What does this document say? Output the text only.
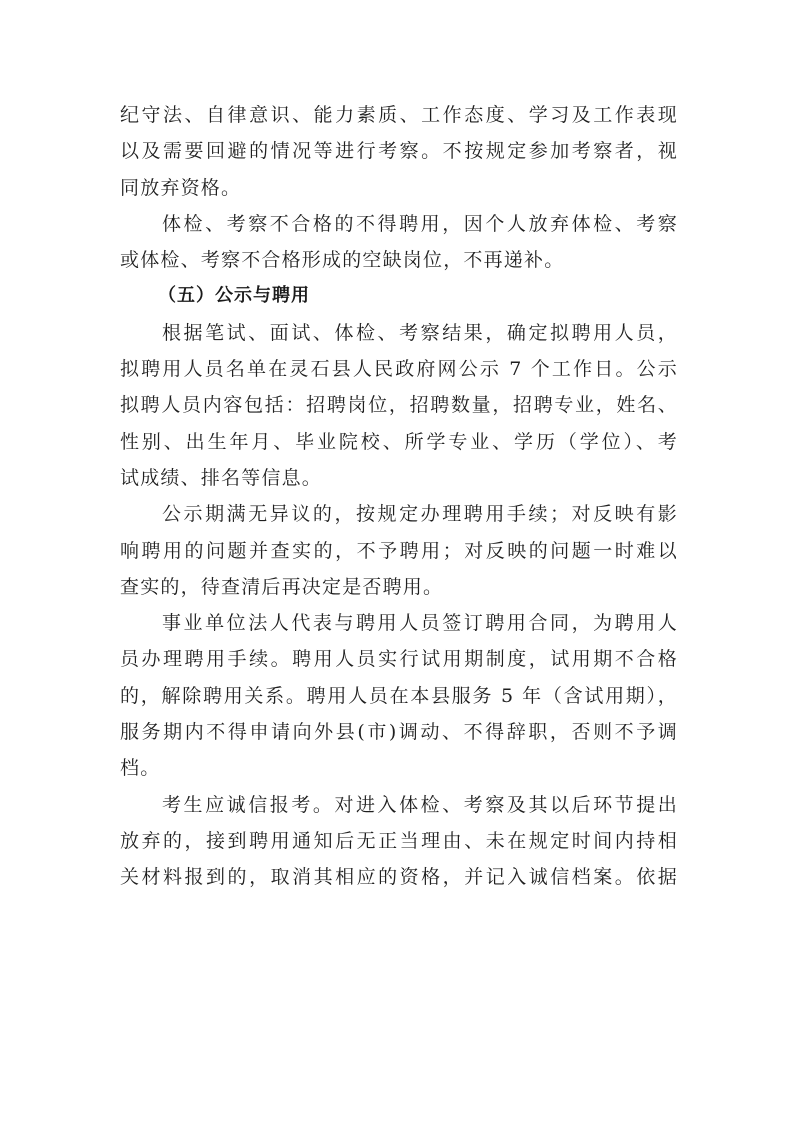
纪守法、自律意识、能力素质、工作态度、学习及工作表现
以及需要回避的情况等进行考察。不按规定参加考察者，视
同放弃资格。
体检、考察不合格的不得聘用，因个人放弃体检、考察
或体检、考察不合格形成的空缺岗位，不再递补。
（五）公示与聘用
根据笔试、面试、体检、考察结果，确定拟聘用人员，
拟聘用人员名单在灵石县人民政府网公示 7 个工作日。公示
拟聘人员内容包括：招聘岗位，招聘数量，招聘专业，姓名、
性别、出生年月、毕业院校、所学专业、学历（学位）、考
试成绩、排名等信息。
公示期满无异议的，按规定办理聘用手续；对反映有影
响聘用的问题并查实的，不予聘用；对反映的问题一时难以
查实的，待查清后再决定是否聘用。
事业单位法人代表与聘用人员签订聘用合同，为聘用人
员办理聘用手续。聘用人员实行试用期制度，试用期不合格
的，解除聘用关系。聘用人员在本县服务 5 年（含试用期），
服务期内不得申请向外县(市)调动、不得辞职，否则不予调
档。
考生应诚信报考。对进入体检、考察及其以后环节提出
放弃的，接到聘用通知后无正当理由、未在规定时间内持相
关材料报到的，取消其相应的资格，并记入诚信档案。依据
